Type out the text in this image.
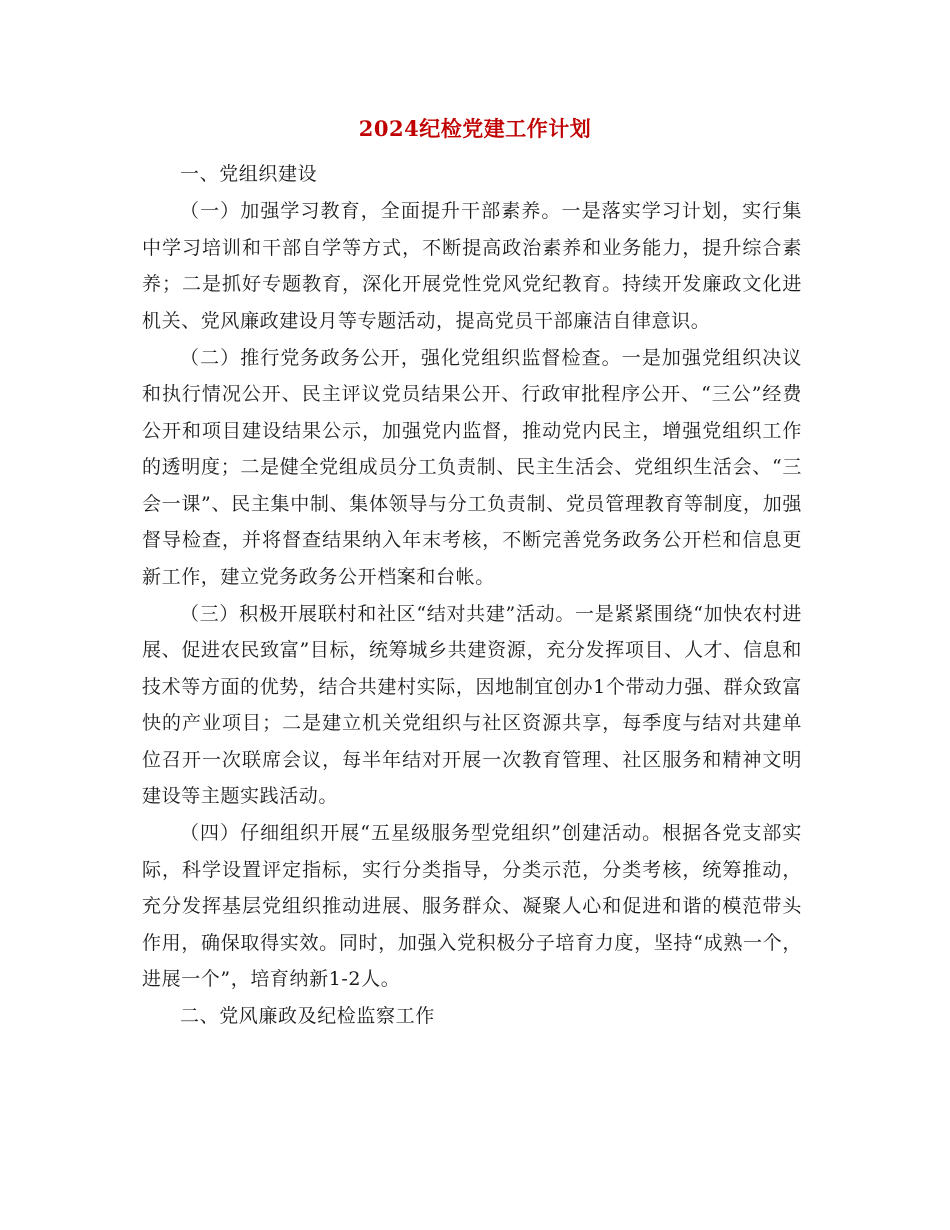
2024纪检党建工作计划

一、党组织建设

（一）加强学习教育，全面提升干部素养。一是落实学习计划，实行集中学习培训和干部自学等方式，不断提高政治素养和业务能力，提升综合素养；二是抓好专题教育，深化开展党性党风党纪教育。持续开发廉政文化进机关、党风廉政建设月等专题活动，提高党员干部廉洁自律意识。

（二）推行党务政务公开，强化党组织监督检查。一是加强党组织决议和执行情况公开、民主评议党员结果公开、行政审批程序公开、“三公”经费公开和项目建设结果公示，加强党内监督，推动党内民主，增强党组织工作的透明度；二是健全党组成员分工负责制、民主生活会、党组织生活会、“三会一课”、民主集中制、集体领导与分工负责制、党员管理教育等制度，加强督导检查，并将督查结果纳入年末考核，不断完善党务政务公开栏和信息更新工作，建立党务政务公开档案和台帐。

（三）积极开展联村和社区“结对共建”活动。一是紧紧围绕“加快农村进展、促进农民致富”目标，统筹城乡共建资源，充分发挥项目、人才、信息和技术等方面的优势，结合共建村实际，因地制宜创办1个带动力强、群众致富快的产业项目；二是建立机关党组织与社区资源共享，每季度与结对共建单位召开一次联席会议，每半年结对开展一次教育管理、社区服务和精神文明建设等主题实践活动。

（四）仔细组织开展“五星级服务型党组织”创建活动。根据各党支部实际，科学设置评定指标，实行分类指导，分类示范，分类考核，统筹推动，充分发挥基层党组织推动进展、服务群众、凝聚人心和促进和谐的模范带头作用，确保取得实效。同时，加强入党积极分子培育力度，坚持“成熟一个，进展一个”，培育纳新1-2人。

二、党风廉政及纪检监察工作
